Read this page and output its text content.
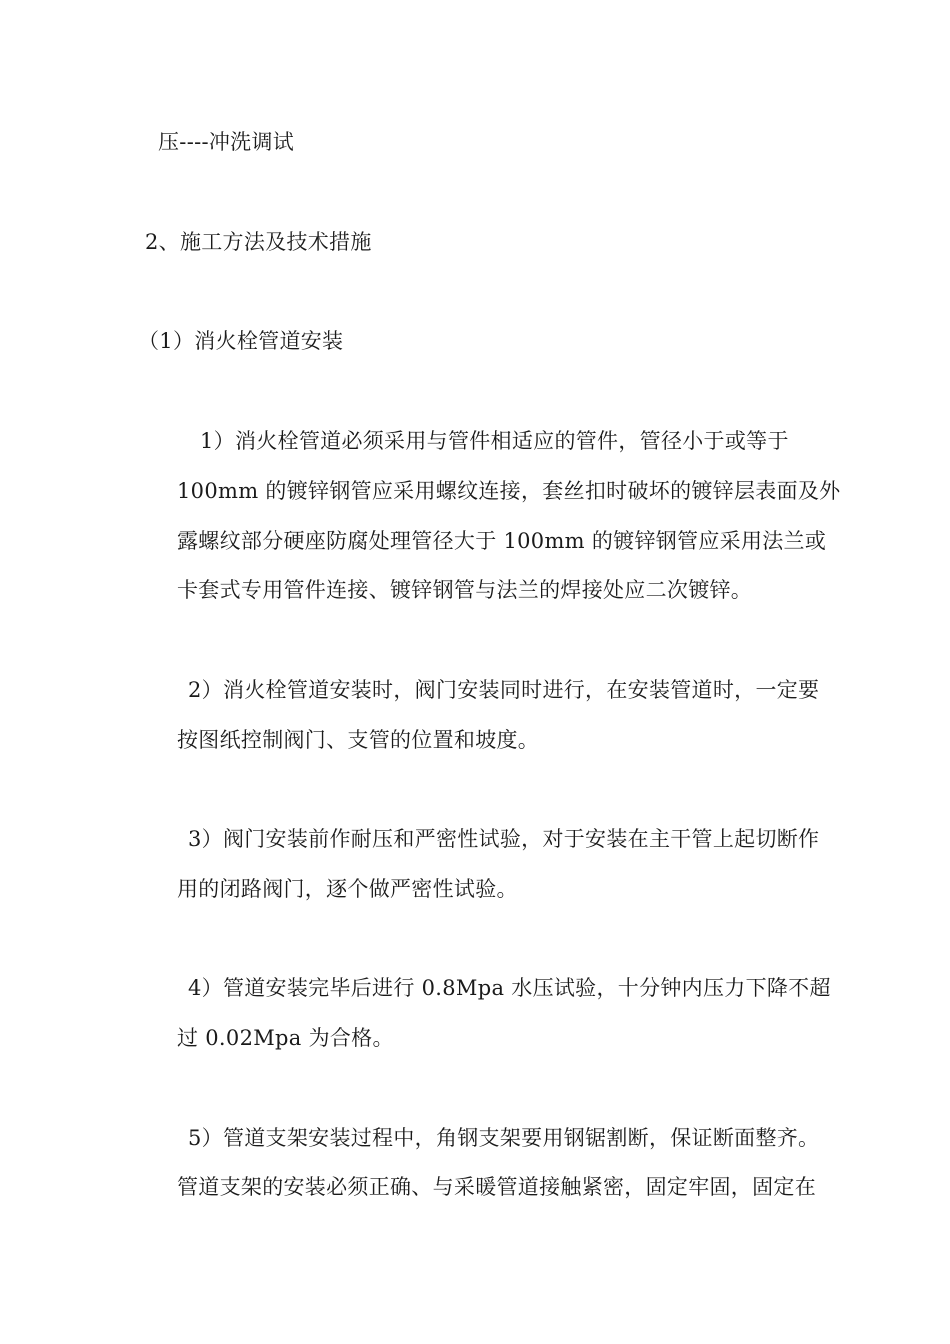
压----冲洗调试
2、施工方法及技术措施
（1）消火栓管道安装
1）消火栓管道必须采用与管件相适应的管件，管径小于或等于
100mm 的镀锌钢管应采用螺纹连接，套丝扣时破坏的镀锌层表面及外
露螺纹部分硬座防腐处理管径大于 100mm 的镀锌钢管应采用法兰或
卡套式专用管件连接、镀锌钢管与法兰的焊接处应二次镀锌。
2）消火栓管道安装时，阀门安装同时进行，在安装管道时，一定要
按图纸控制阀门、支管的位置和坡度。
3）阀门安装前作耐压和严密性试验，对于安装在主干管上起切断作
用的闭路阀门，逐个做严密性试验。
4）管道安装完毕后进行 0.8Mpa 水压试验，十分钟内压力下降不超
过 0.02Mpa 为合格。
5）管道支架安装过程中，角钢支架要用钢锯割断，保证断面整齐。
管道支架的安装必须正确、与采暖管道接触紧密，固定牢固，固定在
